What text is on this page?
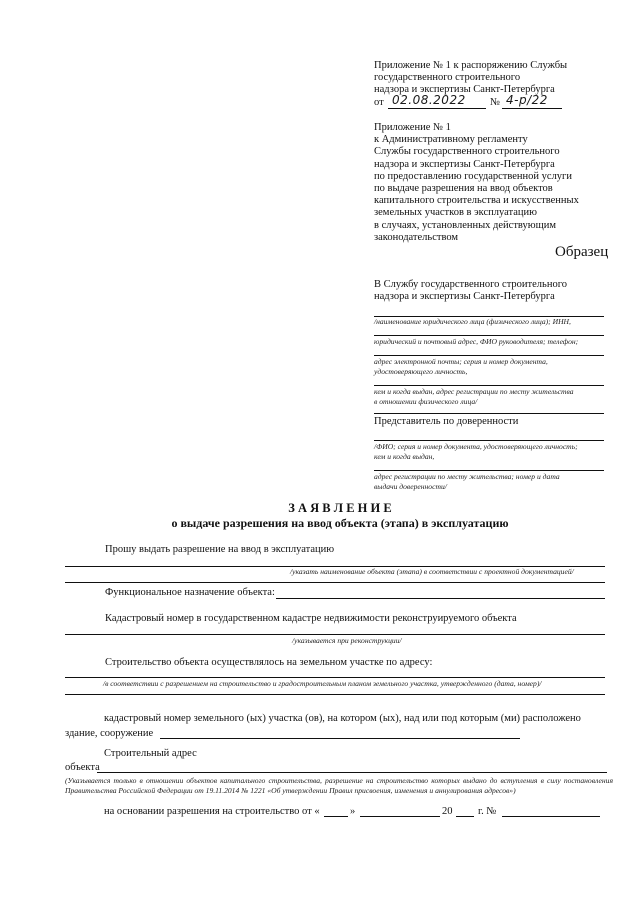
Приложение № 1 к распоряжению Службы
государственного строительного
надзора и экспертизы Санкт-Петербурга
от 02.08.2022 № 4-р/22
Приложение № 1
к Административному регламенту
Службы государственного строительного
надзора и экспертизы Санкт-Петербурга
по предоставлению государственной услуги
по выдаче разрешения на ввод объектов
капитального строительства и искусственных
земельных участков в эксплуатацию
в случаях, установленных действующим
законодательством
Образец
В Службу государственного строительного
надзора и экспертизы Санкт-Петербурга
/наименование юридического лица (физического лица); ИНН,
юридический и почтовый адрес, ФИО руководителя; телефон;
адрес электронной почты; серия и номер документа,
удостоверяющего личность,
кем и когда выдан, адрес регистрации по месту жительства
в отношении физического лица/
Представитель по доверенности
/ФИО; серия и номер документа, удостоверяющего личность;
кем и когда выдан,
адрес регистрации по месту жительства; номер и дата
выдачи доверенности/
З А Я В Л Е Н И Е
о выдаче разрешения на ввод объекта (этапа) в эксплуатацию
Прошу выдать разрешение на ввод в эксплуатацию
/указать наименование объекта (этапа) в соответствии с проектной документацией/
Функциональное назначение объекта:
Кадастровый номер в государственном кадастре недвижимости реконструируемого объекта
/указывается при реконструкции/
Строительство объекта осуществлялось на земельном участке по адресу:
/в соответствии с разрешением на строительство и градостроительным планом земельного участка, утвержденного (дата, номер)/
кадастровый номер земельного (ых) участка (ов), на котором (ых), над или под которым (ми) расположено
здание, сооружение
Строительный адрес
объекта
(Указывается только в отношении объектов капитального строительства, разрешение на строительство которых выдано до вступления в силу постановления Правительства Российской Федерации от 19.11.2014 № 1221 «Об утверждении Правил присвоения, изменения и аннулирования адресов»)
на основании разрешения на строительство от «	»	20 г. №
